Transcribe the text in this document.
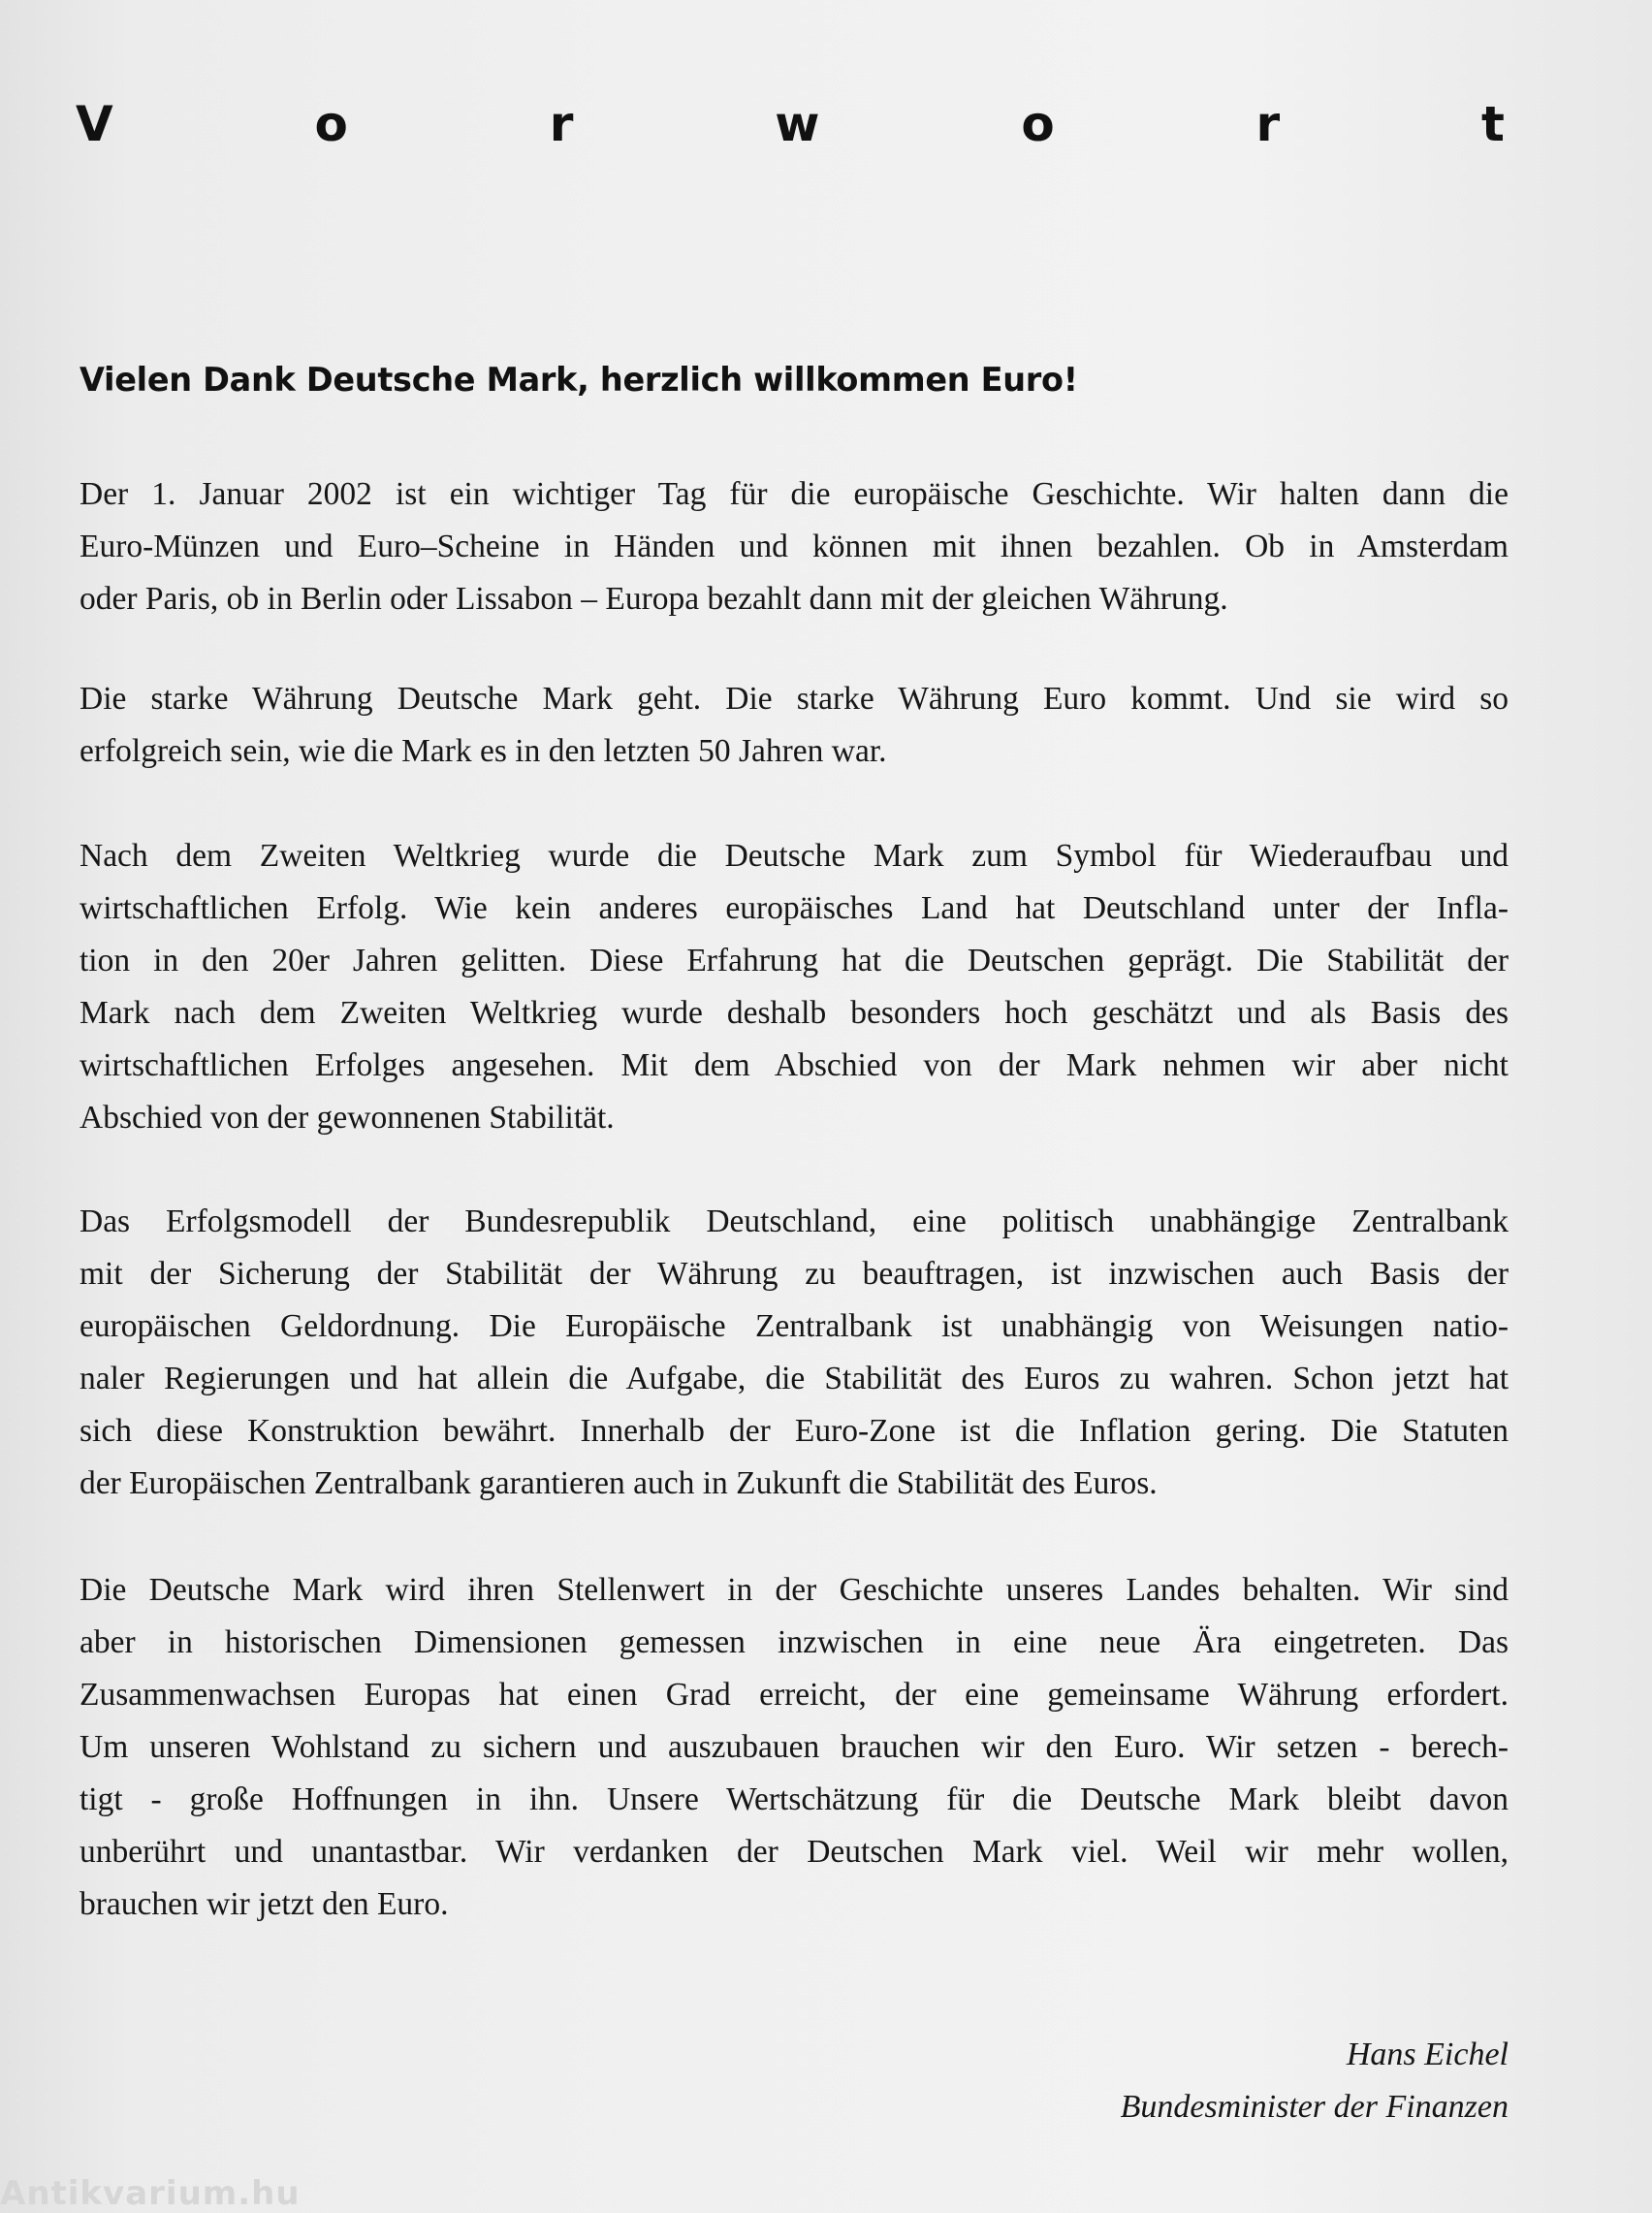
V	o	r	w	o	r	t
Vielen Dank Deutsche Mark, herzlich willkommen Euro!

Der 1. Januar 2002 ist ein wichtiger Tag für die europäische Geschichte. Wir halten dann die
Euro-Münzen und Euro–Scheine in Händen und können mit ihnen bezahlen. Ob in Amsterdam
oder Paris, ob in Berlin oder Lissabon – Europa bezahlt dann mit der gleichen Währung.

Die starke Währung Deutsche Mark geht. Die starke Währung Euro kommt. Und sie wird so
erfolgreich sein, wie die Mark es in den letzten 50 Jahren war.

Nach dem Zweiten Weltkrieg wurde die Deutsche Mark zum Symbol für Wiederaufbau und
wirtschaftlichen Erfolg. Wie kein anderes europäisches Land hat Deutschland unter der Infla-
tion in den 20er Jahren gelitten. Diese Erfahrung hat die Deutschen geprägt. Die Stabilität der
Mark nach dem Zweiten Weltkrieg wurde deshalb besonders hoch geschätzt und als Basis des
wirtschaftlichen Erfolges angesehen. Mit dem Abschied von der Mark nehmen wir aber nicht
Abschied von der gewonnenen Stabilität.

Das Erfolgsmodell der Bundesrepublik Deutschland, eine politisch unabhängige Zentralbank
mit der Sicherung der Stabilität der Währung zu beauftragen, ist inzwischen auch Basis der
europäischen Geldordnung. Die Europäische Zentralbank ist unabhängig von Weisungen natio-
naler Regierungen und hat allein die Aufgabe, die Stabilität des Euros zu wahren. Schon jetzt hat
sich diese Konstruktion bewährt. Innerhalb der Euro-Zone ist die Inflation gering. Die Statuten
der Europäischen Zentralbank garantieren auch in Zukunft die Stabilität des Euros.

Die Deutsche Mark wird ihren Stellenwert in der Geschichte unseres Landes behalten. Wir sind
aber in historischen Dimensionen gemessen inzwischen in eine neue Ära eingetreten. Das
Zusammenwachsen Europas hat einen Grad erreicht, der eine gemeinsame Währung erfordert.
Um unseren Wohlstand zu sichern und auszubauen brauchen wir den Euro. Wir setzen - berech-
tigt - große Hoffnungen in ihn. Unsere Wertschätzung für die Deutsche Mark bleibt davon
unberührt und unantastbar. Wir verdanken der Deutschen Mark viel. Weil wir mehr wollen,
brauchen wir jetzt den Euro.

Hans Eichel
Bundesminister der Finanzen
Antikvarium.hu
